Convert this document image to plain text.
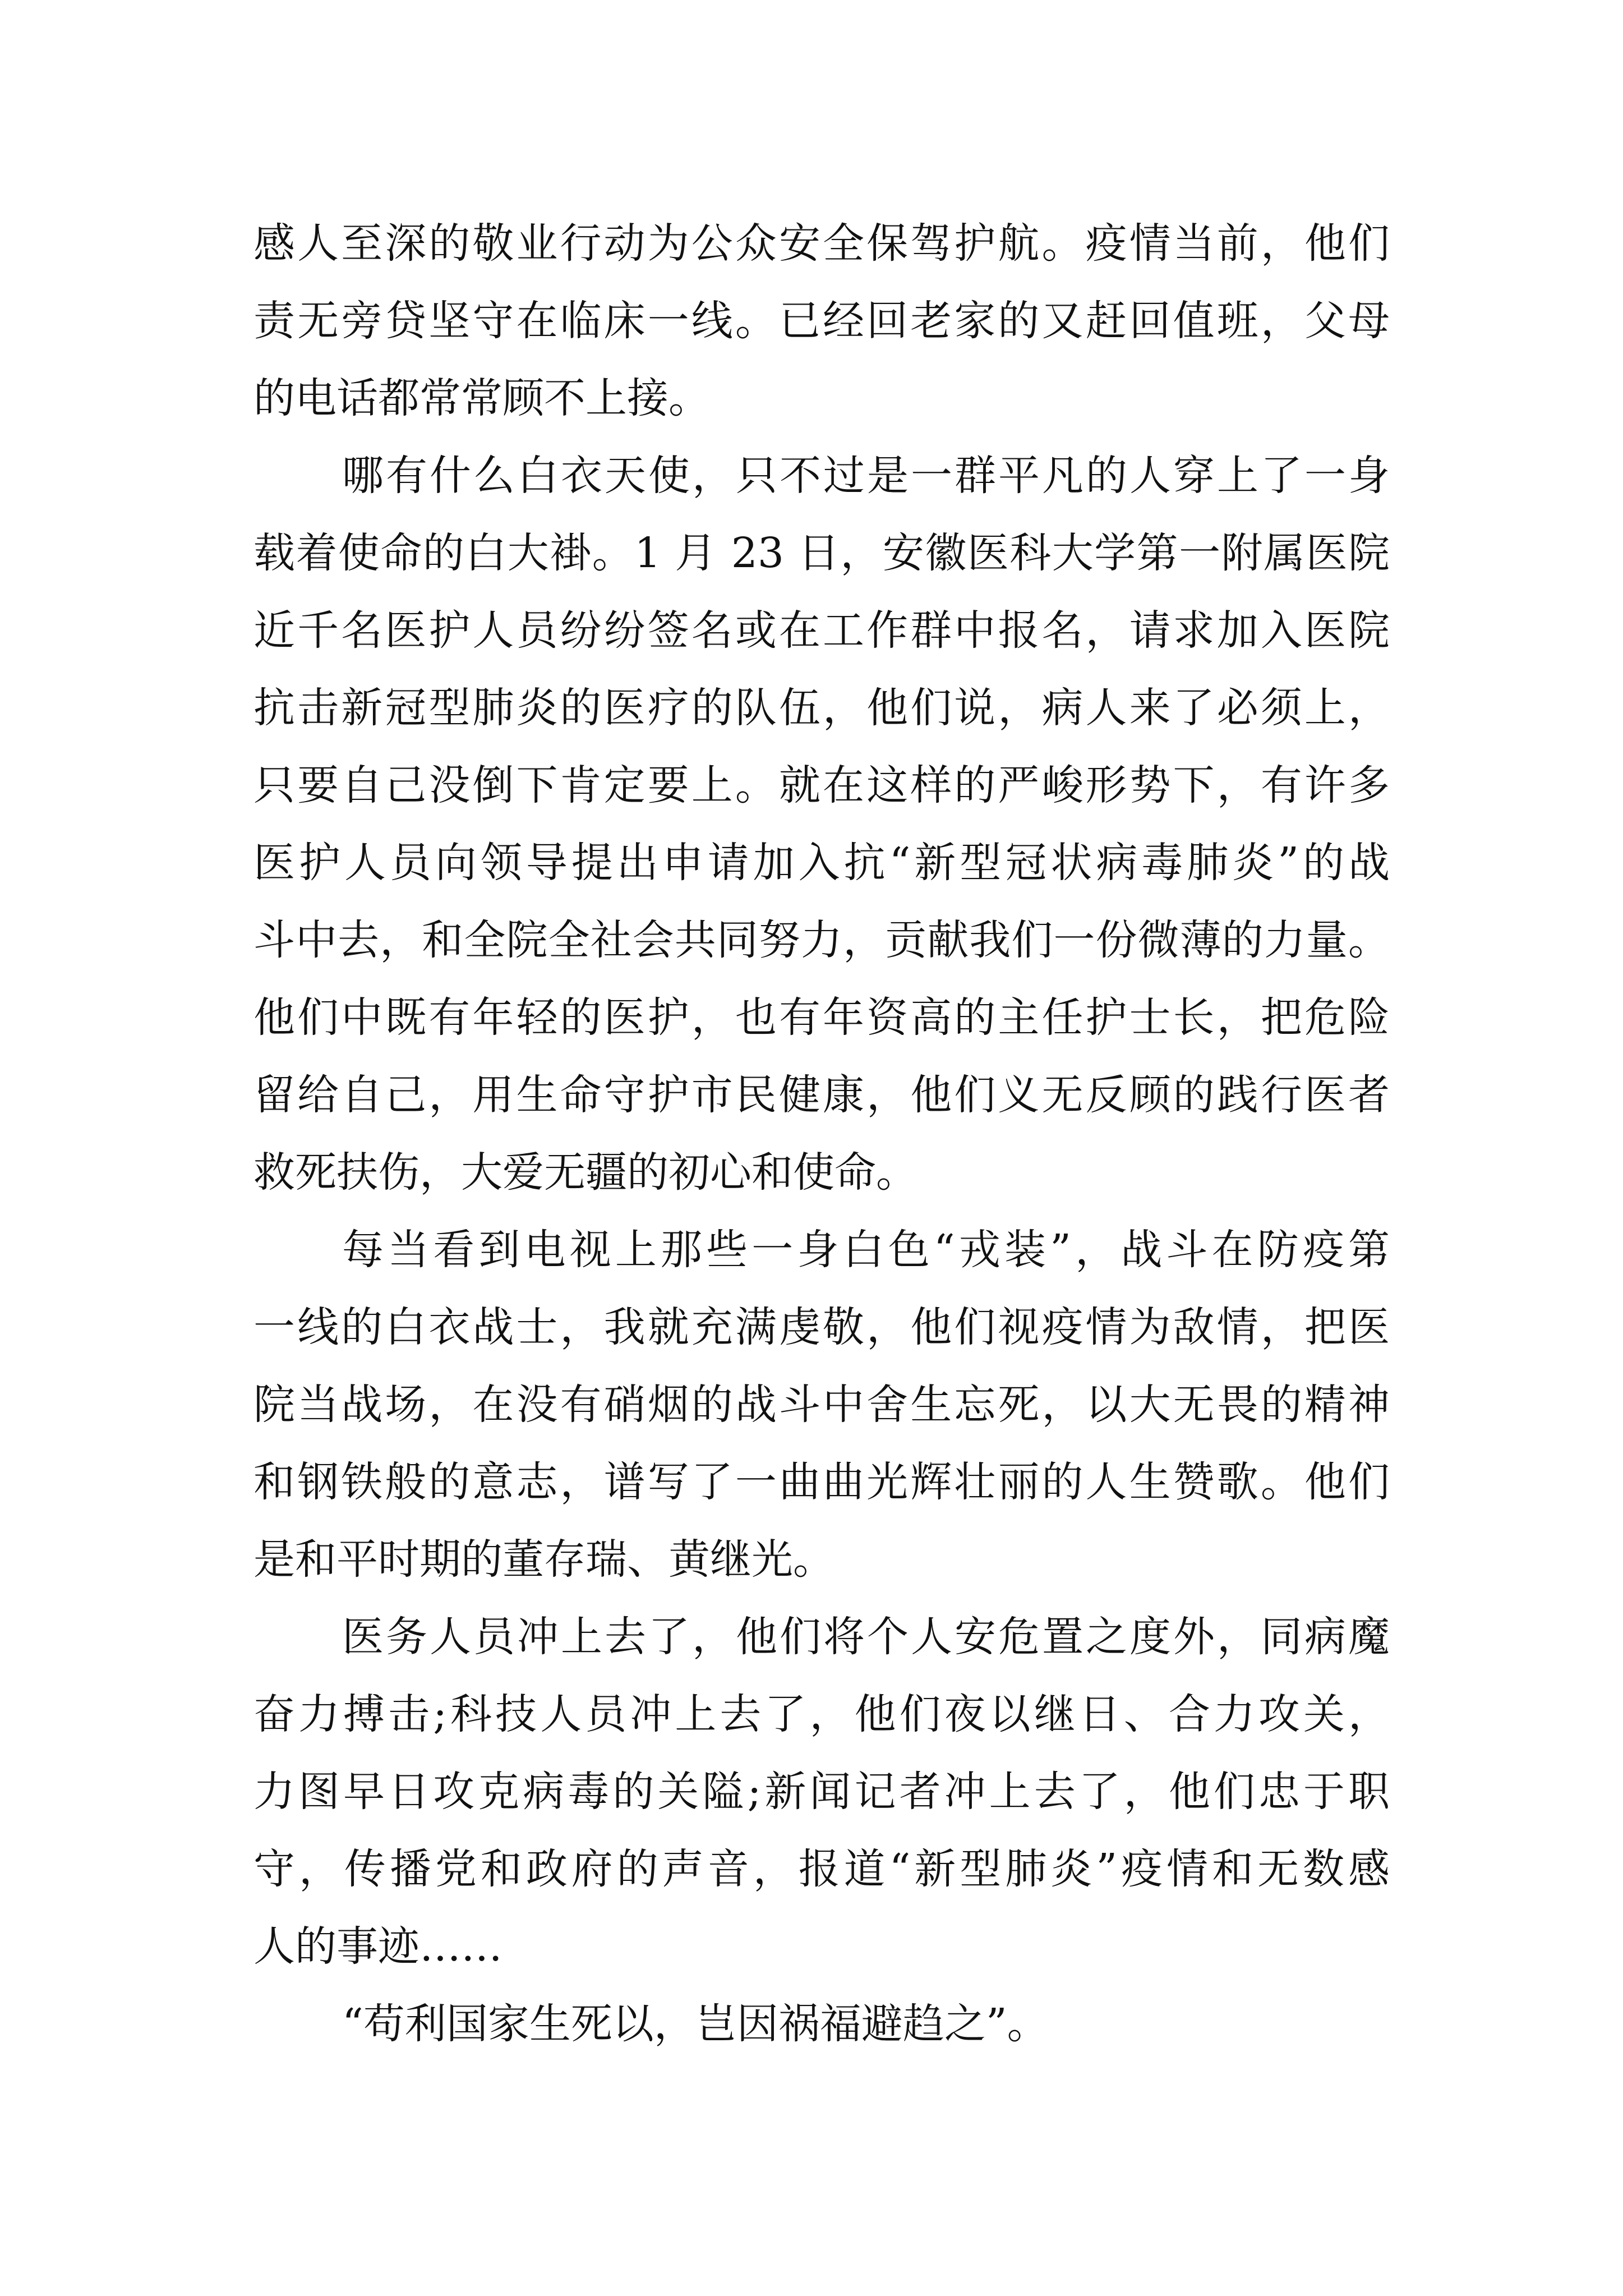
感人至深的敬业行动为公众安全保驾护航。疫情当前，他们
责无旁贷坚守在临床一线。已经回老家的又赶回值班，父母
的电话都常常顾不上接。
哪有什么白衣天使，只不过是一群平凡的人穿上了一身
载着使命的白大褂。1 月 23 日，安徽医科大学第一附属医院
近千名医护人员纷纷签名或在工作群中报名，请求加入医院
抗击新冠型肺炎的医疗的队伍，他们说，病人来了必须上，
只要自己没倒下肯定要上。就在这样的严峻形势下，有许多
医护人员向领导提出申请加入抗“新型冠状病毒肺炎”的战
斗中去，和全院全社会共同努力，贡献我们一份微薄的力量。
他们中既有年轻的医护，也有年资高的主任护士长，把危险
留给自己，用生命守护市民健康，他们义无反顾的践行医者
救死扶伤，大爱无疆的初心和使命。
每当看到电视上那些一身白色“戎装”，战斗在防疫第
一线的白衣战士，我就充满虔敬，他们视疫情为敌情，把医
院当战场，在没有硝烟的战斗中舍生忘死，以大无畏的精神
和钢铁般的意志，谱写了一曲曲光辉壮丽的人生赞歌。他们
是和平时期的董存瑞、黄继光。
医务人员冲上去了，他们将个人安危置之度外，同病魔
奋力搏击;科技人员冲上去了，他们夜以继日、合力攻关，
力图早日攻克病毒的关隘;新闻记者冲上去了，他们忠于职
守，传播党和政府的声音，报道“新型肺炎”疫情和无数感
人的事迹……
“苟利国家生死以，岂因祸福避趋之”。
